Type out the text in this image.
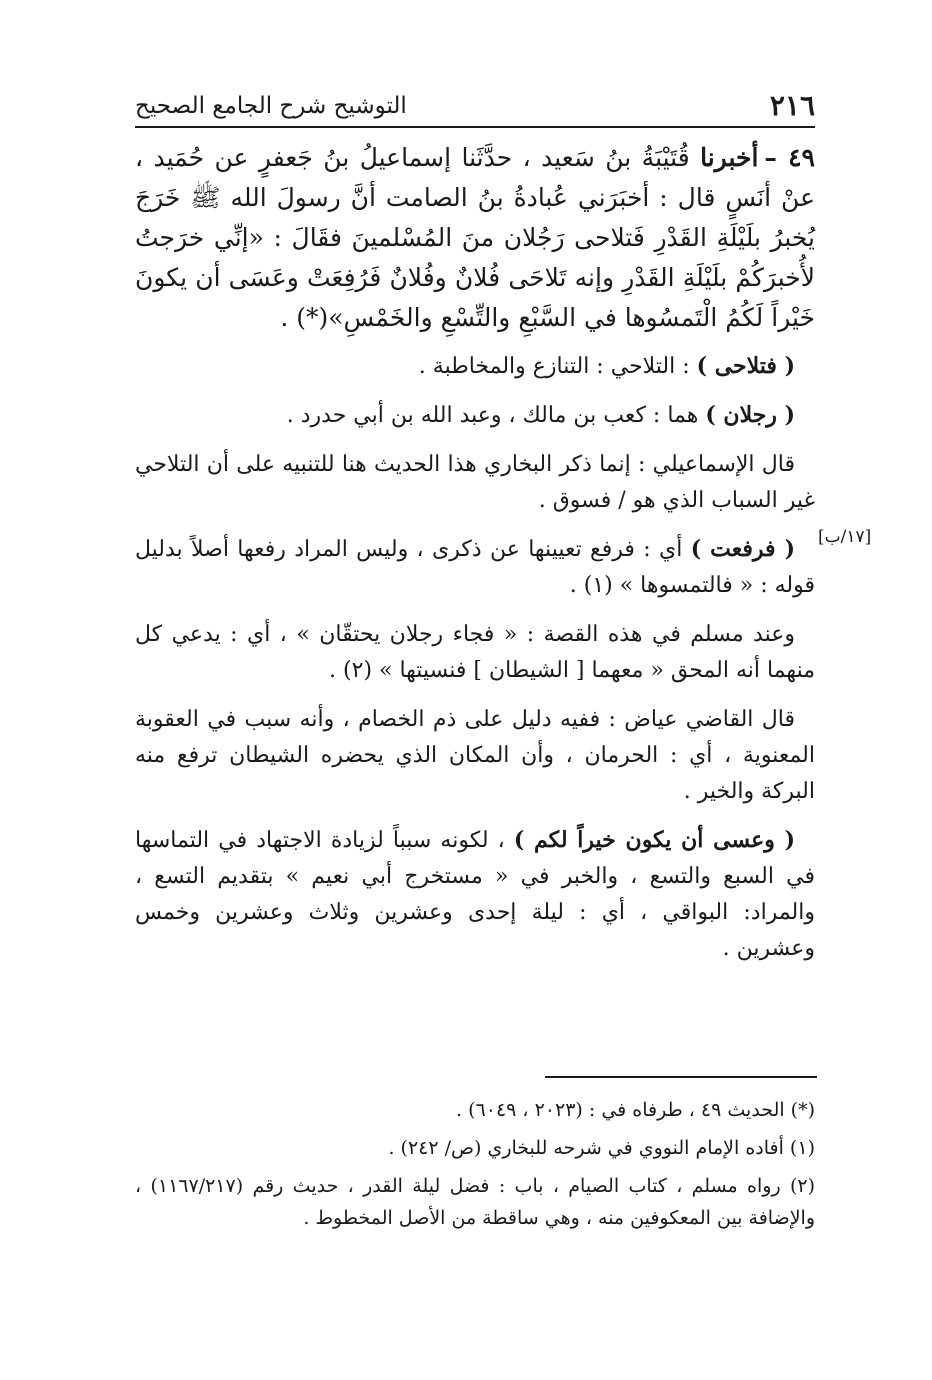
٢١٦
التوشيح شرح الجامع الصحيح

٤٩ –أخبرنا قُتَيْبَةُ بنُ سَعيد ، حدَّثَنا إسماعيلُ بنُ جَعفرٍ عن حُمَيد ، عنْ أنَسٍ قال : أخبَرَني عُبادةُ بنُ الصامت أنَّ رسولَ الله ﷺ خَرَجَ يُخبرُ بلَيْلَةِ القَدْرِ فَتلاحى رَجُلان منَ المُسْلمينَ فقَالَ : «إنِّي خرَجتُ لأُخبرَكُمْ بلَيْلَةِ القَدْرِ وإنه تَلاحَى فُلانٌ وفُلانٌ فَرُفِعَتْ وعَسَى أن يكونَ خَيْراً لَكُمُ الْتَمسُوها في السَّبْعِ والتِّسْعِ والخَمْسِ»(*) .

( فتلاحى ) : التلاحي : التنازع والمخاطبة .

( رجلان ) هما : كعب بن مالك ، وعبد الله بن أبي حدرد .

قال الإسماعيلي : إنما ذكر البخاري هذا الحديث هنا للتنبيه على أن التلاحي غير السباب الذي هو / فسوق .

( فرفعت ) أي : فرفع تعيينها عن ذكرى ، وليس المراد رفعها أصلاً بدليل قوله : « فالتمسوها » (١) .

وعند مسلم في هذه القصة : « فجاء رجلان يحتقّان » ، أي : يدعي كل منهما أنه المحق « معهما [ الشيطان ] فنسيتها » (٢) .

قال القاضي عياض : ففيه دليل على ذم الخصام ، وأنه سبب في العقوبة المعنوية ، أي : الحرمان ، وأن المكان الذي يحضره الشيطان ترفع منه البركة والخير .

( وعسى أن يكون خيراً لكم ) ، لكونه سبباً لزيادة الاجتهاد في التماسها في السبع والتسع ، والخبر في « مستخرج أبي نعيم » بتقديم التسع ، والمراد: البواقي ، أي : ليلة إحدى وعشرين وثلاث وعشرين وخمس وعشرين .

[١٧/ب]

(*) الحديث ٤٩ ، طرفاه في : (٢٠٢٣ ، ٦٠٤٩) .

(١) أفاده الإمام النووي في شرحه للبخاري (ص/ ٢٤٢) .

(٢) رواه مسلم ، كتاب الصيام ، باب : فضل ليلة القدر ، حديث رقم (١١٦٧/٢١٧) ، والإضافة بين المعكوفين منه ، وهي ساقطة من الأصل المخطوط .
